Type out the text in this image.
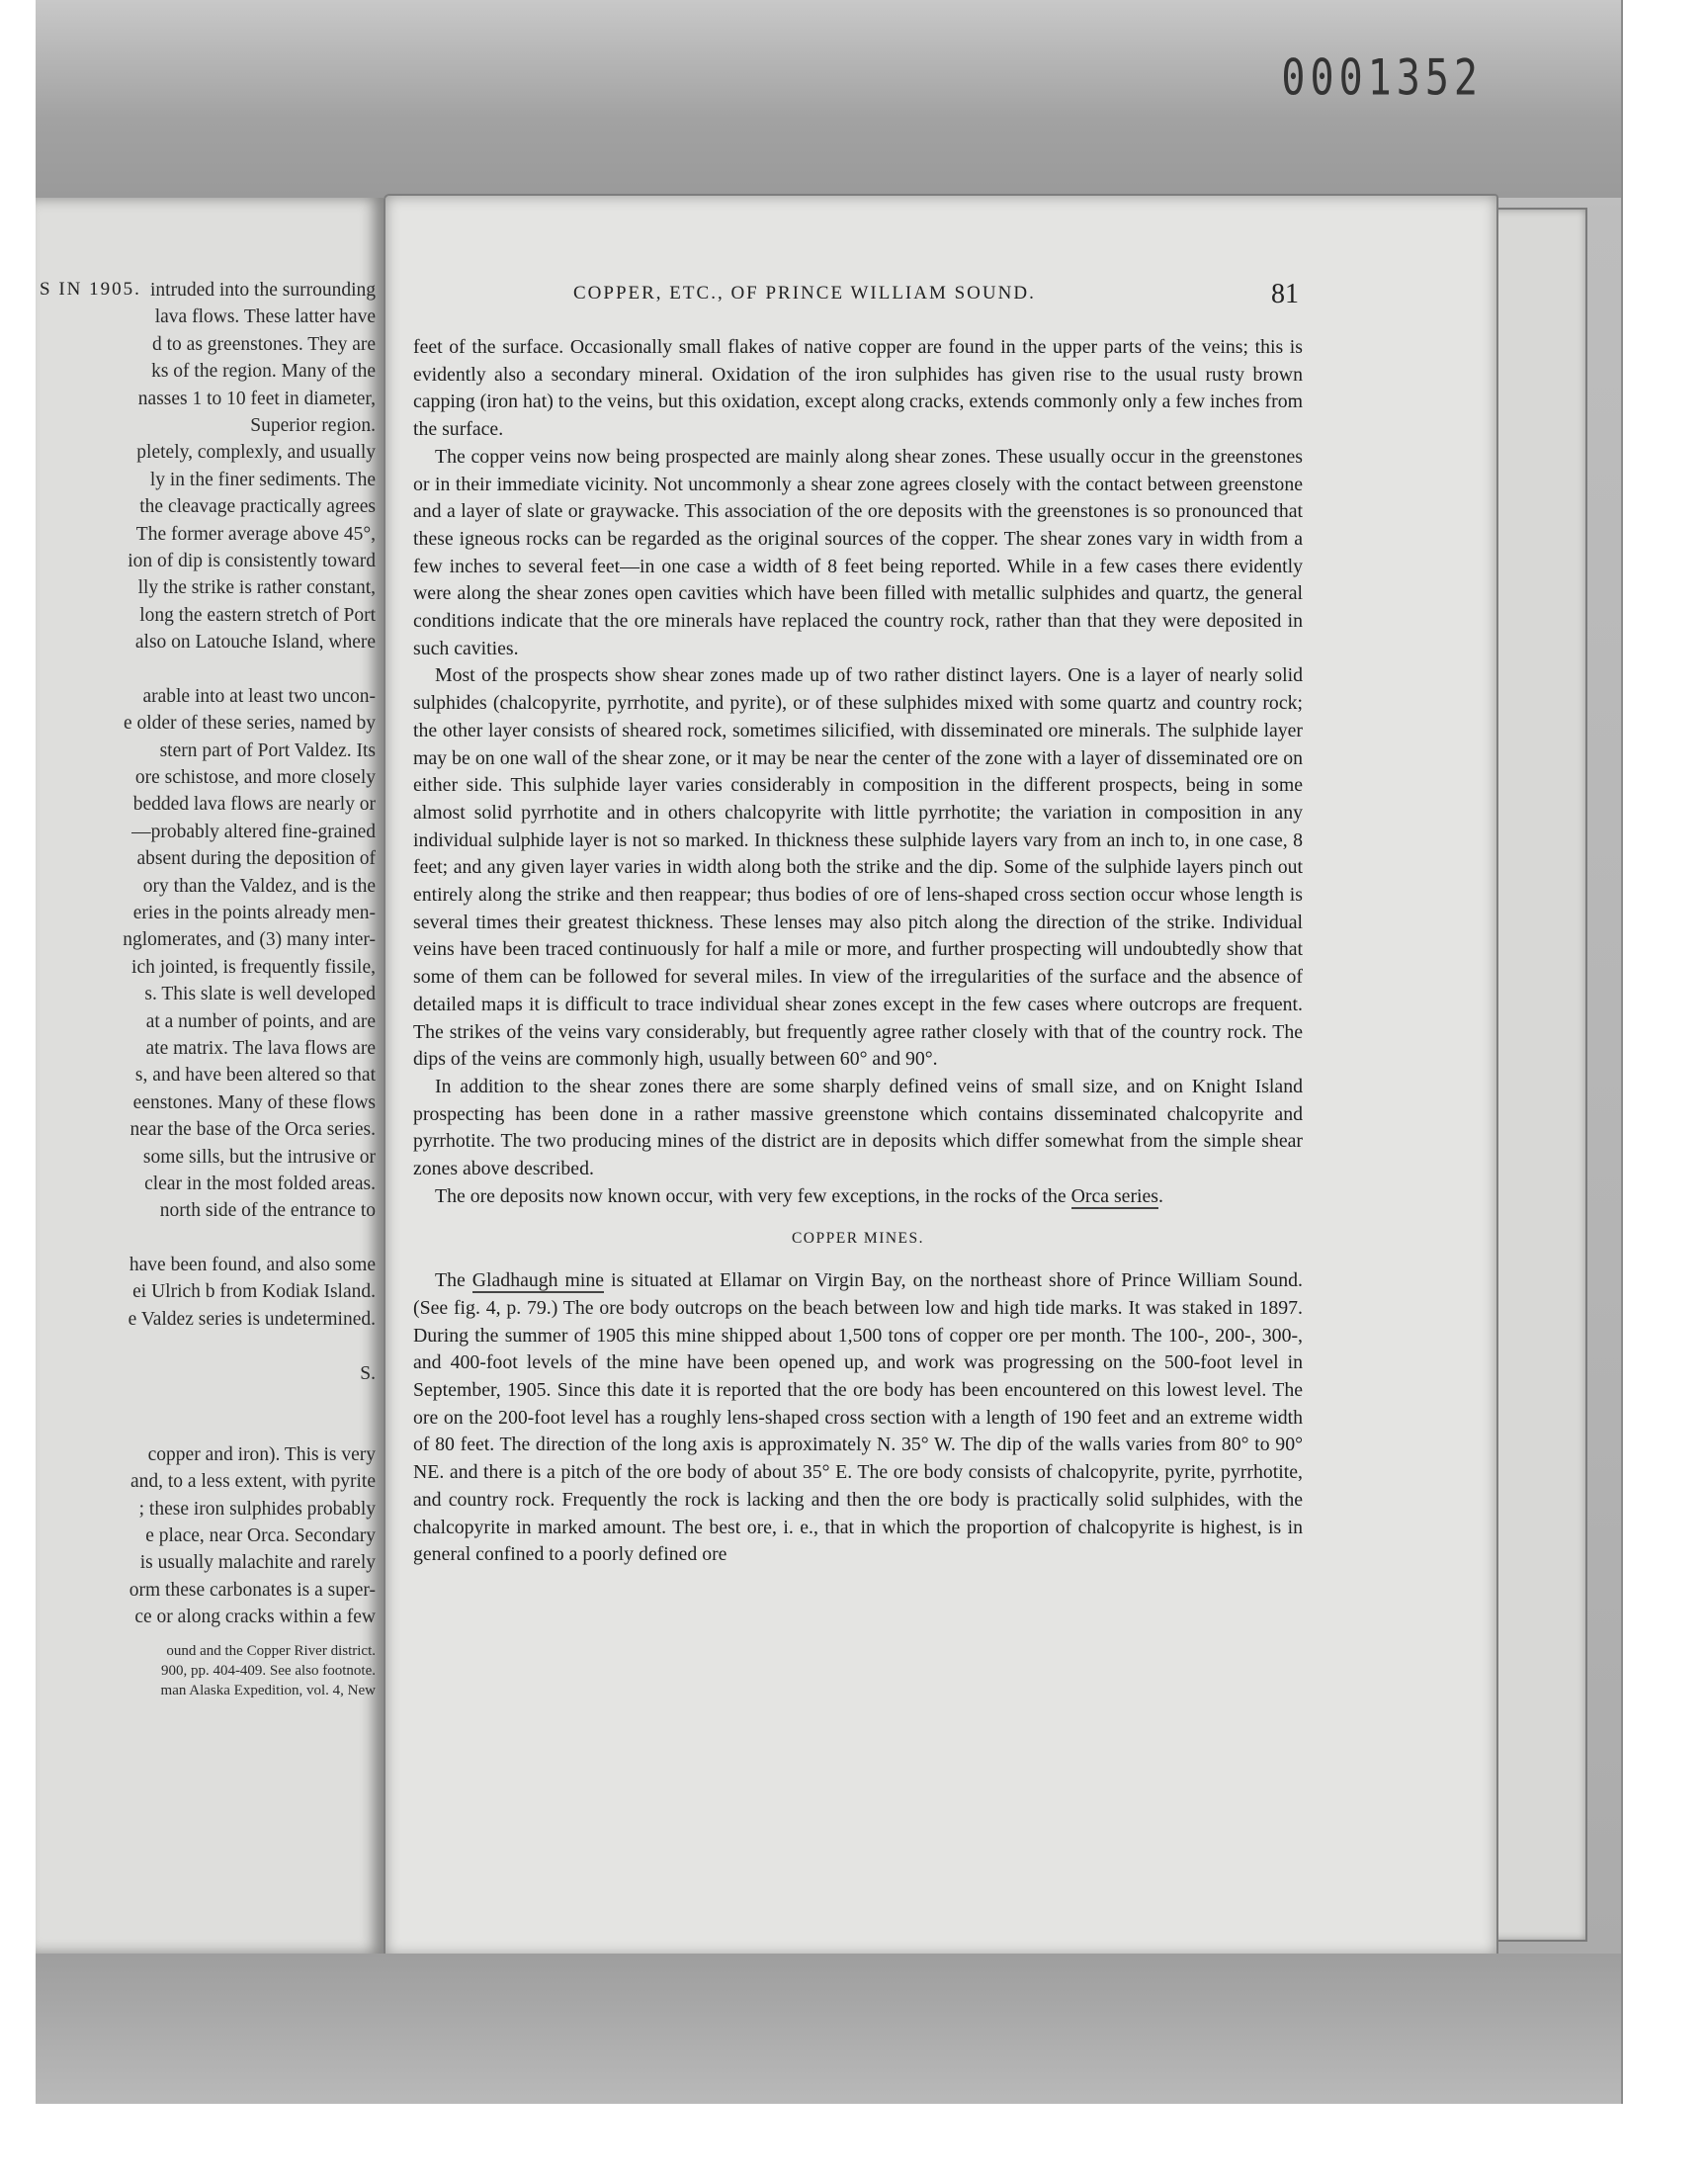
0001352
S IN 1905. intruded into the surrounding
lava flows. These latter have
d to as greenstones. They are
ks of the region. Many of the
nasses 1 to 10 feet in diameter,
Superior region.
pletely, complexly, and usually
ly in the finer sediments. The
the cleavage practically agrees
The former average above 45°,
ion of dip is consistently toward
lly the strike is rather constant,
long the eastern stretch of Port
also on Latouche Island, where
arable into at least two uncon-
e older of these series, named by
stern part of Port Valdez. Its
ore schistose, and more closely
bedded lava flows are nearly or
—probably altered fine-grained
absent during the deposition of
ory than the Valdez, and is the
eries in the points already men-
nglomerates, and (3) many inter-
ich jointed, is frequently fissile,
s. This slate is well developed
at a number of points, and are
ate matrix. The lava flows are
s, and have been altered so that
eenstones. Many of these flows
near the base of the Orca series.
some sills, but the intrusive or
clear in the most folded areas.
north side of the entrance to
have been found, and also some
ei Ulrich b from Kodiak Island.
e Valdez series is undetermined.
S.
copper and iron). This is very
and, to a less extent, with pyrite
; these iron sulphides probably
e place, near Orca. Secondary
is usually malachite and rarely
orm these carbonates is a super-
ce or along cracks within a few
ound and the Copper River district.
900, pp. 404-409. See also footnote.
man Alaska Expedition, vol. 4, New
COPPER, ETC., OF PRINCE WILLIAM SOUND.	81

feet of the surface. Occasionally small flakes of native copper are found in the upper parts of the veins; this is evidently also a secondary mineral. Oxidation of the iron sulphides has given rise to the usual rusty brown capping (iron hat) to the veins, but this oxidation, except along cracks, extends commonly only a few inches from the surface.

The copper veins now being prospected are mainly along shear zones. These usually occur in the greenstones or in their immediate vicinity. Not uncommonly a shear zone agrees closely with the contact between greenstone and a layer of slate or graywacke. This association of the ore deposits with the greenstones is so pronounced that these igneous rocks can be regarded as the original sources of the copper. The shear zones vary in width from a few inches to several feet—in one case a width of 8 feet being reported. While in a few cases there evidently were along the shear zones open cavities which have been filled with metallic sulphides and quartz, the general conditions indicate that the ore minerals have replaced the country rock, rather than that they were deposited in such cavities.

Most of the prospects show shear zones made up of two rather distinct layers. One is a layer of nearly solid sulphides (chalcopyrite, pyrrhotite, and pyrite), or of these sulphides mixed with some quartz and country rock; the other layer consists of sheared rock, sometimes silicified, with disseminated ore minerals. The sulphide layer may be on one wall of the shear zone, or it may be near the center of the zone with a layer of disseminated ore on either side. This sulphide layer varies considerably in composition in the different prospects, being in some almost solid pyrrhotite and in others chalcopyrite with little pyrrhotite; the variation in composition in any individual sulphide layer is not so marked. In thickness these sulphide layers vary from an inch to, in one case, 8 feet; and any given layer varies in width along both the strike and the dip. Some of the sulphide layers pinch out entirely along the strike and then reappear; thus bodies of ore of lens-shaped cross section occur whose length is several times their greatest thickness. These lenses may also pitch along the direction of the strike. Individual veins have been traced continuously for half a mile or more, and further prospecting will undoubtedly show that some of them can be followed for several miles. In view of the irregularities of the surface and the absence of detailed maps it is difficult to trace individual shear zones except in the few cases where outcrops are frequent. The strikes of the veins vary considerably, but frequently agree rather closely with that of the country rock. The dips of the veins are commonly high, usually between 60° and 90°.

In addition to the shear zones there are some sharply defined veins of small size, and on Knight Island prospecting has been done in a rather massive greenstone which contains disseminated chalcopyrite and pyrrhotite. The two producing mines of the district are in deposits which differ somewhat from the simple shear zones above described.

The ore deposits now known occur, with very few exceptions, in the rocks of the Orca series.

COPPER MINES.

The Gladhaugh mine is situated at Ellamar on Virgin Bay, on the northeast shore of Prince William Sound. (See fig. 4, p. 79.) The ore body outcrops on the beach between low and high tide marks. It was staked in 1897. During the summer of 1905 this mine shipped about 1,500 tons of copper ore per month. The 100-, 200-, 300-, and 400-foot levels of the mine have been opened up, and work was progressing on the 500-foot level in September, 1905. Since this date it is reported that the ore body has been encountered on this lowest level. The ore on the 200-foot level has a roughly lens-shaped cross section with a length of 190 feet and an extreme width of 80 feet. The direction of the long axis is approximately N. 35° W. The dip of the walls varies from 80° to 90° NE. and there is a pitch of the ore body of about 35° E. The ore body consists of chalcopyrite, pyrite, pyrrhotite, and country rock. Frequently the rock is lacking and then the ore body is practically solid sulphides, with the chalcopyrite in marked amount. The best ore, i. e., that in which the proportion of chalcopyrite is highest, is in general confined to a poorly defined ore
